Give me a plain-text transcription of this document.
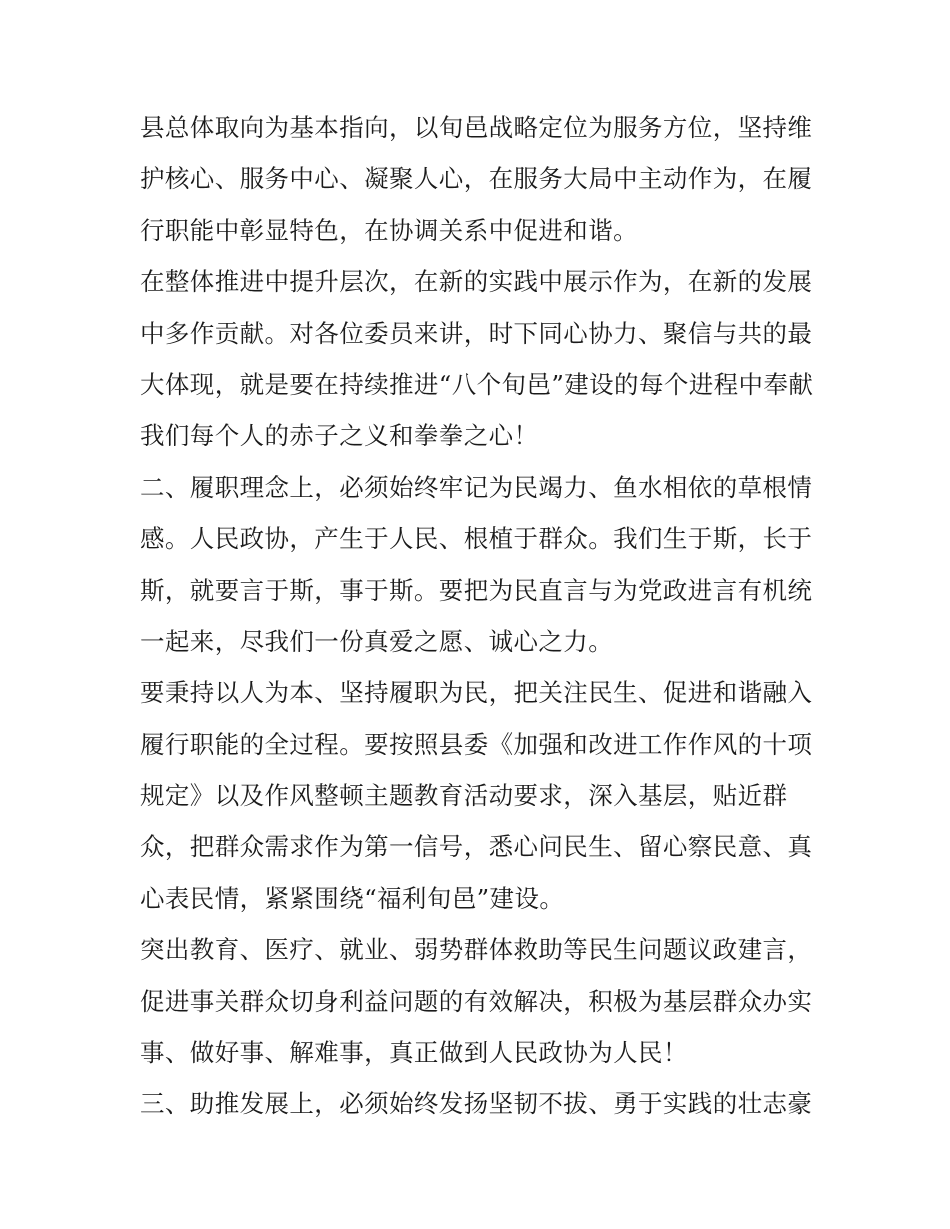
县总体取向为基本指向，以旬邑战略定位为服务方位，坚持维
护核心、服务中心、凝聚人心，在服务大局中主动作为，在履
行职能中彰显特色，在协调关系中促进和谐。
在整体推进中提升层次，在新的实践中展示作为，在新的发展
中多作贡献。对各位委员来讲，时下同心协力、聚信与共的最
大体现，就是要在持续推进“八个旬邑”建设的每个进程中奉献
我们每个人的赤子之义和拳拳之心！
二、履职理念上，必须始终牢记为民竭力、鱼水相依的草根情
感。人民政协，产生于人民、根植于群众。我们生于斯，长于
斯，就要言于斯，事于斯。要把为民直言与为党政进言有机统
一起来，尽我们一份真爱之愿、诚心之力。
要秉持以人为本、坚持履职为民，把关注民生、促进和谐融入
履行职能的全过程。要按照县委《加强和改进工作作风的十项
规定》以及作风整顿主题教育活动要求，深入基层，贴近群
众，把群众需求作为第一信号，悉心问民生、留心察民意、真
心表民情，紧紧围绕“福利旬邑”建设。
突出教育、医疗、就业、弱势群体救助等民生问题议政建言，
促进事关群众切身利益问题的有效解决，积极为基层群众办实
事、做好事、解难事，真正做到人民政协为人民！
三、助推发展上，必须始终发扬坚韧不拔、勇于实践的壮志豪
